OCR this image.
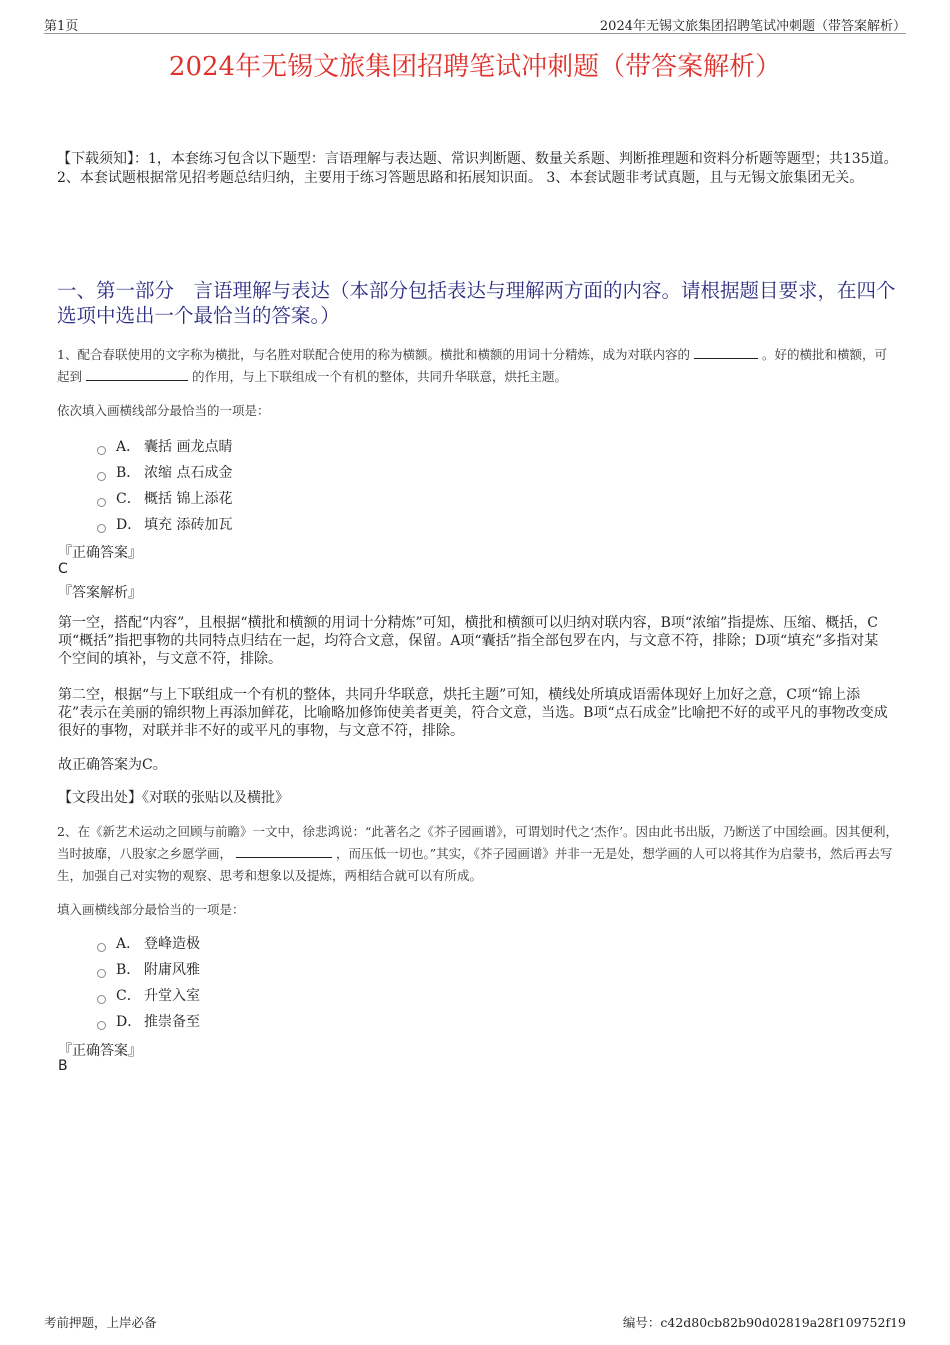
第1页	2024年无锡文旅集团招聘笔试冲刺题（带答案解析）
2024年无锡文旅集团招聘笔试冲刺题（带答案解析）
【下载须知】：1，本套练习包含以下题型：言语理解与表达题、常识判断题、数量关系题、判断推理题和资料分析题等题型；共135道。 2、本套试题根据常见招考题总结归纳，主要用于练习答题思路和拓展知识面。 3、本套试题非考试真题，且与无锡文旅集团无关。
一、第一部分　言语理解与表达（本部分包括表达与理解两方面的内容。请根据题目要求，在四个选项中选出一个最恰当的答案。）
1、配合春联使用的文字称为横批，与名胜对联配合使用的称为横额。横批和横额的用词十分精炼，成为对联内容的	。好的横批和横额，可起到	的作用，与上下联组成一个有机的整体，共同升华联意，烘托主题。
依次填入画横线部分最恰当的一项是：
A． 囊括 画龙点睛
B． 浓缩 点石成金
C． 概括 锦上添花
D． 填充 添砖加瓦
『正确答案』
C
『答案解析』
第一空，搭配“内容”，且根据“横批和横额的用词十分精炼”可知，横批和横额可以归纳对联内容，B项“浓缩”指提炼、压缩、概括，C项“概括”指把事物的共同特点归结在一起，均符合文意，保留。A项“囊括”指全部包罗在内，与文意不符，排除；D项“填充”多指对某个空间的填补，与文意不符，排除。
第二空，根据“与上下联组成一个有机的整体，共同升华联意，烘托主题”可知，横线处所填成语需体现好上加好之意，C项“锦上添花”表示在美丽的锦织物上再添加鲜花，比喻略加修饰使美者更美，符合文意，当选。B项“点石成金”比喻把不好的或平凡的事物改变成很好的事物，对联并非不好的或平凡的事物，与文意不符，排除。
故正确答案为C。
【文段出处】《对联的张贴以及横批》
2、在《新艺术运动之回顾与前瞻》一文中，徐悲鸿说：“此著名之《芥子园画谱》，可谓划时代之‘杰作’。因由此书出版，乃断送了中国绘画。因其便利，当时披靡，八股家之乡愿学画，	，而压低一切也。”其实，《芥子园画谱》并非一无是处，想学画的人可以将其作为启蒙书，然后再去写生，加强自己对实物的观察、思考和想象以及提炼，两相结合就可以有所成。
填入画横线部分最恰当的一项是：
A． 登峰造极
B． 附庸风雅
C． 升堂入室
D． 推崇备至
『正确答案』
B
考前押题，上岸必备	编号：c42d80cb82b90d02819a28f109752f19
